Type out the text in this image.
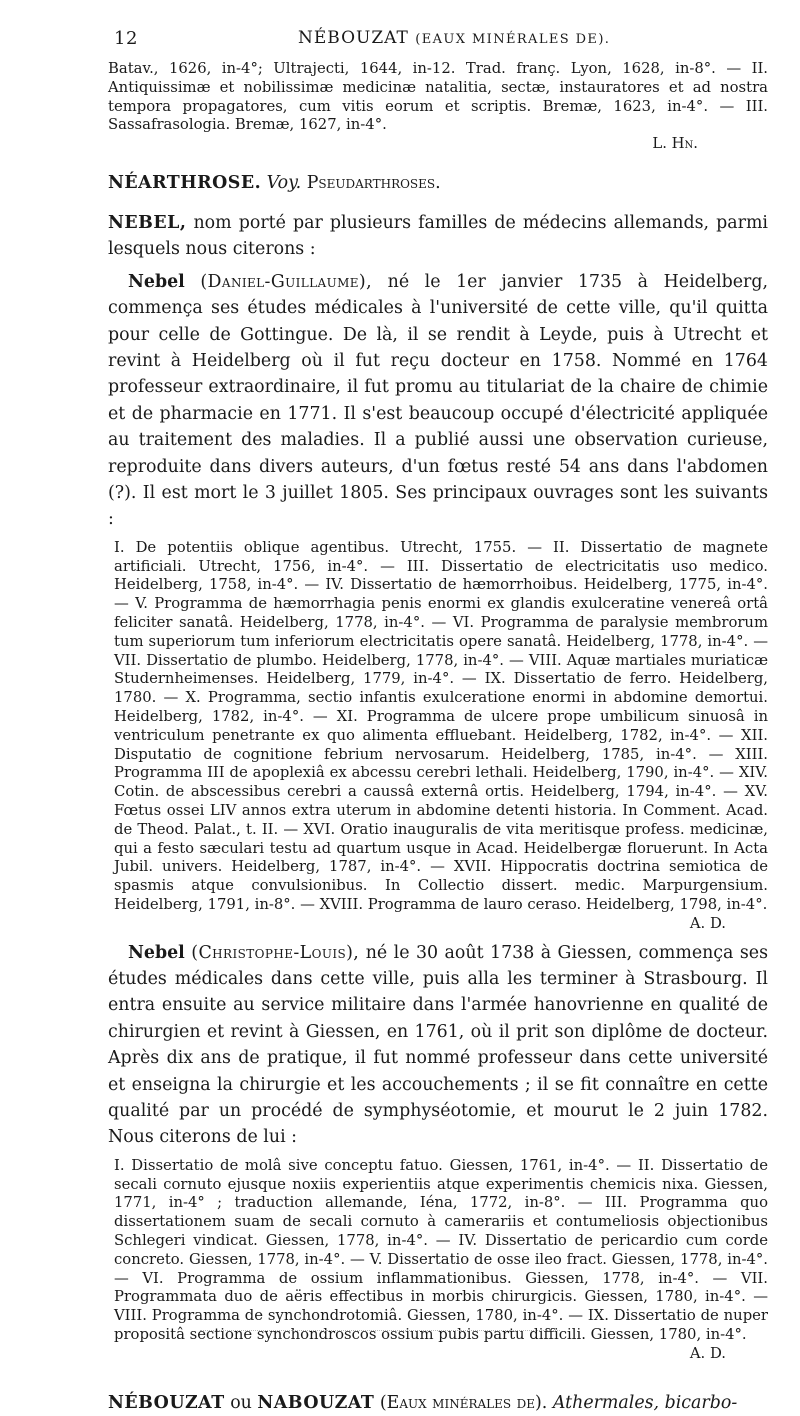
12	NÉBOUZAT (EAUX MINÉRALES DE).
Batav., 1626, in-4°; Ultrajecti, 1644, in-12. Trad. franç. Lyon, 1628, in-8°. — II. Antiquissimæ et nobilissimæ medicinæ natalitia, sectæ, instauratores et ad nostra tempora propagatores, cum vitis eorum et scriptis. Bremæ, 1623, in-4°. — III. Sassafrasologia. Bremæ, 1627, in-4°.
L. Hn.
NÉARTHROSE. Voy. Pseudarthroses.
NEBEL, nom porté par plusieurs familles de médecins allemands, parmi lesquels nous citerons :
Nebel (Daniel-Guillaume), né le 1er janvier 1735 à Heidelberg, commença ses études médicales à l'université de cette ville, qu'il quitta pour celle de Gottingue. De là, il se rendit à Leyde, puis à Utrecht et revint à Heidelberg où il fut reçu docteur en 1758. Nommé en 1764 professeur extraordinaire, il fut promu au titulariat de la chaire de chimie et de pharmacie en 1771. Il s'est beaucoup occupé d'électricité appliquée au traitement des maladies. Il a publié aussi une observation curieuse, reproduite dans divers auteurs, d'un fœtus resté 54 ans dans l'abdomen (?). Il est mort le 3 juillet 1805. Ses principaux ouvrages sont les suivants :
I. De potentiis oblique agentibus. Utrecht, 1755. — II. Dissertatio de magnete artificiali. Utrecht, 1756, in-4°. — III. Dissertatio de electricitatis uso medico. Heidelberg, 1758, in-4°. — IV. Dissertatio de hæmorrhoibus. Heidelberg, 1775, in-4°. — V. Programma de hæmorrhagia penis enormi ex glandis exulceratine venereâ ortâ feliciter sanatâ. Heidelberg, 1778, in-4°. — VI. Programma de paralysie membrorum tum superiorum tum inferiorum electricitatis opere sanatâ. Heidelberg, 1778, in-4°. — VII. Dissertatio de plumbo. Heidelberg, 1778, in-4°. — VIII. Aquæ martiales muriaticæ Studernheimenses. Heidelberg, 1779, in-4°. — IX. Dissertatio de ferro. Heidelberg, 1780. — X. Programma, sectio infantis exulceratione enormi in abdomine demortui. Heidelberg, 1782, in-4°. — XI. Programma de ulcere prope umbilicum sinuosâ in ventriculum penetrante ex quo alimenta effluebant. Heidelberg, 1782, in-4°. — XII. Disputatio de cognitione febrium nervosarum. Heidelberg, 1785, in-4°. — XIII. Programma III de apoplexiâ ex abcessu cerebri lethali. Heidelberg, 1790, in-4°. — XIV. Cotin. de abscessibus cerebri a caussâ externâ ortis. Heidelberg, 1794, in-4°. — XV. Fœtus ossei LIV annos extra uterum in abdomine detenti historia. In Comment. Acad. de Theod. Palat., t. II. — XVI. Oratio inauguralis de vita meritisque profess. medicinæ, qui a festo sæculari testu ad quartum usque in Acad. Heidelbergæ floruerunt. In Acta Jubil. univers. Heidelberg, 1787, in-4°. — XVII. Hippocratis doctrina semiotica de spasmis atque convulsionibus. In Collectio dissert. medic. Marpurgensium. Heidelberg, 1791, in-8°. — XVIII. Programma de lauro ceraso. Heidelberg, 1798, in-4°.
A. D.
Nebel (Christophe-Louis), né le 30 août 1738 à Giessen, commença ses études médicales dans cette ville, puis alla les terminer à Strasbourg. Il entra ensuite au service militaire dans l'armée hanovrienne en qualité de chirurgien et revint à Giessen, en 1761, où il prit son diplôme de docteur. Après dix ans de pratique, il fut nommé professeur dans cette université et enseigna la chirurgie et les accouchements ; il se fit connaître en cette qualité par un procédé de symphyséotomie, et mourut le 2 juin 1782. Nous citerons de lui :
I. Dissertatio de molâ sive conceptu fatuo. Giessen, 1761, in-4°. — II. Dissertatio de secali cornuto ejusque noxiis experientiis atque experimentis chemicis nixa. Giessen, 1771, in-4° ; traduction allemande, Iéna, 1772, in-8°. — III. Programma quo dissertationem suam de secali cornuto à camerariis et contumeliosis objectionibus Schlegeri vindicat. Giessen, 1778, in-4°. — IV. Dissertatio de pericardio cum corde concreto. Giessen, 1778, in-4°. — V. Dissertatio de osse ileo fract. Giessen, 1778, in-4°. — VI. Programma de ossium inflammationibus. Giessen, 1778, in-4°. — VII. Programmata duo de aëris effectibus in morbis chirurgicis. Giessen, 1780, in-4°. — VIII. Programma de synchondrotomiâ. Giessen, 1780, in-4°. — IX. Dissertatio de nuper propositâ sectione synchondroscos ossium pubis partu difficili. Giessen, 1780, in-4°.
A. D.
NÉBOUZAT ou NABOUZAT (Eaux minérales de). Athermales, bicarbo-
